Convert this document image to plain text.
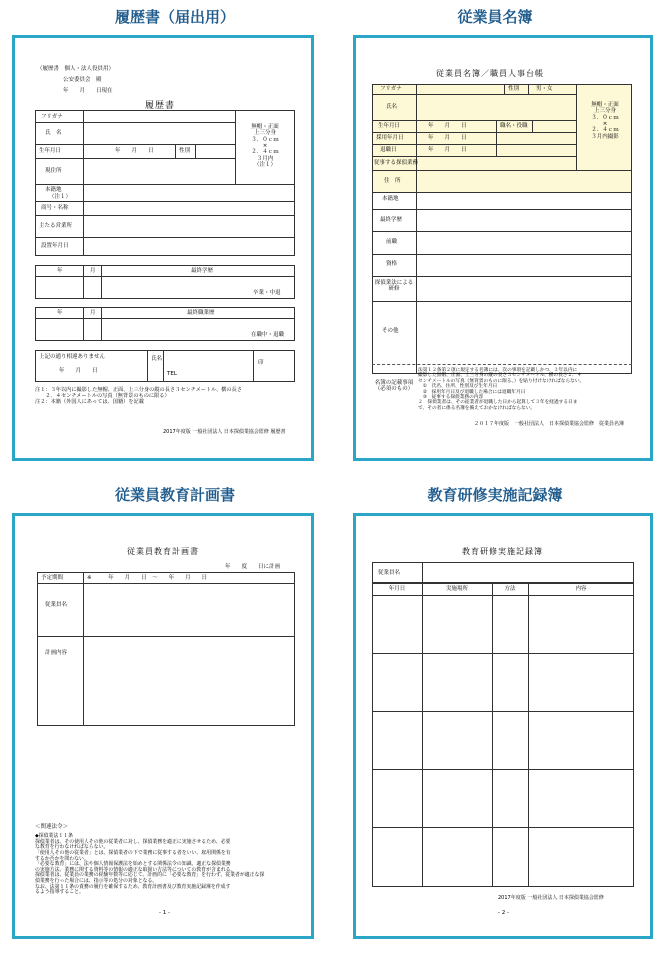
履歴書（届出用）	従業員名簿
従業員教育計画書	教育研修実施記録簿
（履歴書　個人・法人役員用）
公安委員会　殿
年　　月　　日現在
履歴書
フリガナ
氏　名
生年月日	年　　月　　日	性別
現住所
本籍地
（注１）
商号・名称
主たる営業所
設置年月日
無帽・正面
上三分身
３．０ｃｍ
×
２．４ｃｍ
３月内
（注１）
年	月	最終学歴
卒業・中退
年	月	最終職業歴
在職中・退職
上記の通り相違ありません
年　　月　　日
氏名
TEL
印
注１：３年以内に撮影した無帽、正面、上三分身の縦の長さ３センチメートル、横の長さ
　　２．４センチメートルの写真（無背景のものに限る）
注２：本籍（外国人にあっては、国籍）を記載
2017年度版 一般社団法人 日本探偵業協会監修 履歴書
従業員名簿／職員人事台帳
フリガナ	性別	男・女
氏名
生年月日	年　　月　　日	職名・役職
採用年月日	年　　月　　日
退職日	年　　月　　日
従事する探偵業務
無帽・正面
上三分身
３．０ｃｍ
×
２．４ｃｍ
３月内撮影
住　所
本籍地
最終学歴
前職
資格
探偵業法による
研修
その他
名簿の記載事項
（必須のもの）
法第１２条第２項に規定する名簿には、次の事項を記載しかつ、３年以内に
撮影した無帽、正面、上三分身の縦の長さ３センチメートル、横の長さ２．４
センチメートルの写真（無背景のものに限る。）を貼り付けなければならない。
　①　氏名、住所、性別及び生年月日
　②　採用年月日及び退職した場合には退職年月日
　③　従事する探偵業務の内容
２　探偵業者は、その従業者が退職した日から起算して３年を経過する日ま
で、その者に係る名簿を備えておかなければならない。
２０１７年度版　一般社団法人　日本探偵業協会監修　従業員名簿
従業員教育計画書
年　　度　　日に計画
予定期間	※　　　年　　月　　日　～　　年　　月　　日
従業員名
計画内容
＜関連法令＞
◆探偵業法１１条
探偵業者は、その使用人その他の従業者に対し、探偵業務を適正に実施させるため、必要
な教育を行わなければならない。
「使用人その他の従業者」とは、探偵業者の下で業務に従事する者をいい、雇用関係を有
するか否かを問わない。
「必要な教育」には、法や個人情報保護法を始めとする関係法令の知識、適正な探偵業務
の実施方法、業務に関する資料等の情報の適正な取扱い方法等についての教育が含まれる。
探偵業者は、従業員の業務の経験年数等に応じて、計画的に「必要な教育」を行わず、従業者が適正な探
偵業務を行った場合には、指示等の処分の対象となる。
なお、法第１１条の責務の履行を確保するため、教育計画書及び教育実施記録簿を作成す
るよう指導すること。
- 1 -
教育研修実施記録簿
従業員名
年月日	実施場所	方法	内容
2017年度版 一般社団法人 日本探偵業協会監修
- 2 -
